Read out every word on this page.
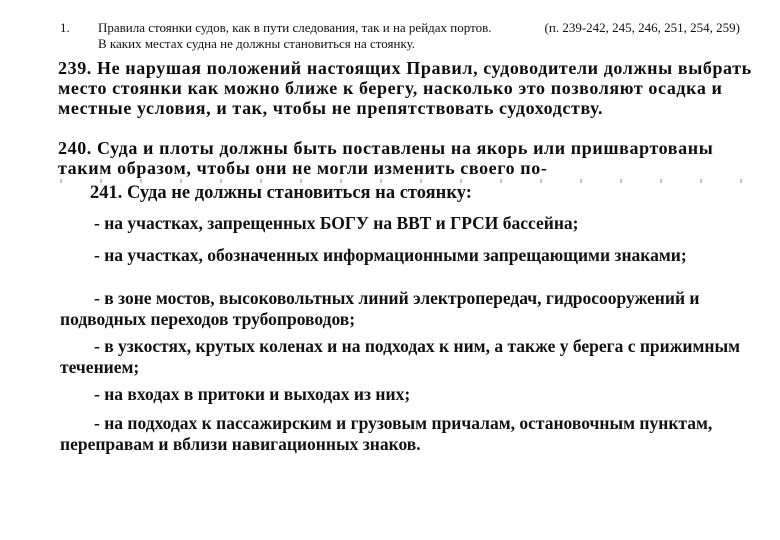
1. Правила стоянки судов, как в пути следования, так и на рейдах портов.
В каких местах судна не должны становиться на стоянку.
(п. 239-242, 245, 246, 251, 254, 259)

239. Не нарушая положений настоящих Правил, судоводители должны выбрать место стоянки как можно ближе к берегу, насколько это позволяют осадка и местные условия, и так, чтобы не препятствовать судоходству.

240. Суда и плоты должны быть поставлены на якорь или пришвартованы таким образом, чтобы они не могли изменить своего по-

241. Суда не должны становиться на стоянку:

- на участках, запрещенных БОГУ на ВВТ и ГРСИ бассейна;

- на участках, обозначенных информационными запрещающими знаками;

- в зоне мостов, высоковольтных линий электропередач, гидросооружений и подводных переходов трубопроводов;

- в узкостях, крутых коленах и на подходах к ним, а также у берега с прижимным течением;

- на входах в притоки и выходах из них;

- на подходах к пассажирским и грузовым причалам, остановочным пунктам, переправам и вблизи навигационных знаков.
